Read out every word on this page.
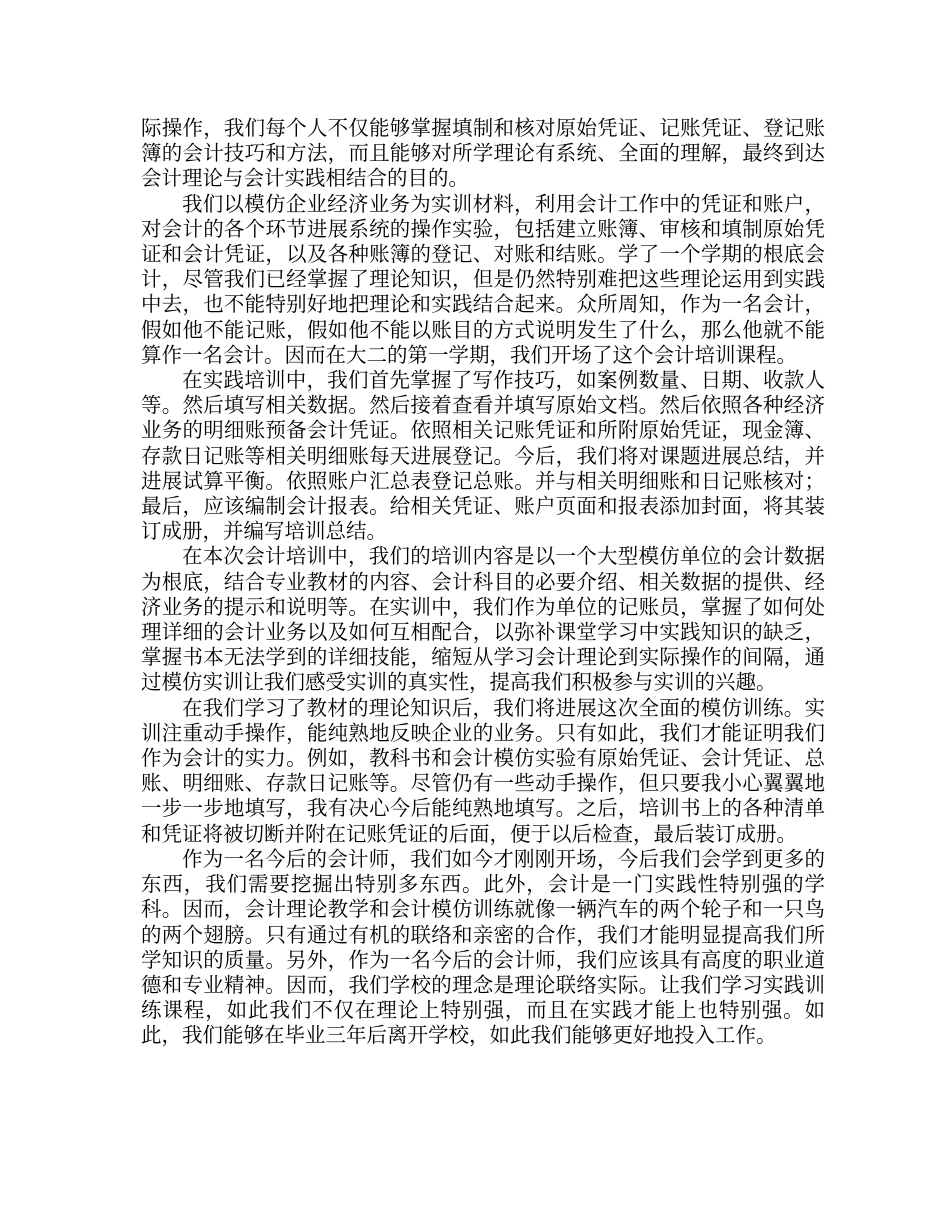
际操作，我们每个人不仅能够掌握填制和核对原始凭证、记账凭证、登记账簿的会计技巧和方法，而且能够对所学理论有系统、全面的理解，最终到达会计理论与会计实践相结合的目的。

我们以模仿企业经济业务为实训材料，利用会计工作中的凭证和账户，对会计的各个环节进展系统的操作实验，包括建立账簿、审核和填制原始凭证和会计凭证，以及各种账簿的登记、对账和结账。学了一个学期的根底会计，尽管我们已经掌握了理论知识，但是仍然特别难把这些理论运用到实践中去，也不能特别好地把理论和实践结合起来。众所周知，作为一名会计，假如他不能记账，假如他不能以账目的方式说明发生了什么，那么他就不能算作一名会计。因而在大二的第一学期，我们开场了这个会计培训课程。

在实践培训中，我们首先掌握了写作技巧，如案例数量、日期、收款人等。然后填写相关数据。然后接着查看并填写原始文档。然后依照各种经济业务的明细账预备会计凭证。依照相关记账凭证和所附原始凭证，现金簿、存款日记账等相关明细账每天进展登记。今后，我们将对课题进展总结，并进展试算平衡。依照账户汇总表登记总账。并与相关明细账和日记账核对；最后，应该编制会计报表。给相关凭证、账户页面和报表添加封面，将其装订成册，并编写培训总结。

在本次会计培训中，我们的培训内容是以一个大型模仿单位的会计数据为根底，结合专业教材的内容、会计科目的必要介绍、相关数据的提供、经济业务的提示和说明等。在实训中，我们作为单位的记账员，掌握了如何处理详细的会计业务以及如何互相配合，以弥补课堂学习中实践知识的缺乏，掌握书本无法学到的详细技能，缩短从学习会计理论到实际操作的间隔，通过模仿实训让我们感受实训的真实性，提高我们积极参与实训的兴趣。

在我们学习了教材的理论知识后，我们将进展这次全面的模仿训练。实训注重动手操作，能纯熟地反映企业的业务。只有如此，我们才能证明我们作为会计的实力。例如，教科书和会计模仿实验有原始凭证、会计凭证、总账、明细账、存款日记账等。尽管仍有一些动手操作，但只要我小心翼翼地一步一步地填写，我有决心今后能纯熟地填写。之后，培训书上的各种清单和凭证将被切断并附在记账凭证的后面，便于以后检查，最后装订成册。

作为一名今后的会计师，我们如今才刚刚开场，今后我们会学到更多的东西，我们需要挖掘出特别多东西。此外，会计是一门实践性特别强的学科。因而，会计理论教学和会计模仿训练就像一辆汽车的两个轮子和一只鸟的两个翅膀。只有通过有机的联络和亲密的合作，我们才能明显提高我们所学知识的质量。另外，作为一名今后的会计师，我们应该具有高度的职业道德和专业精神。因而，我们学校的理念是理论联络实际。让我们学习实践训练课程，如此我们不仅在理论上特别强，而且在实践才能上也特别强。如此，我们能够在毕业三年后离开学校，如此我们能够更好地投入工作。
